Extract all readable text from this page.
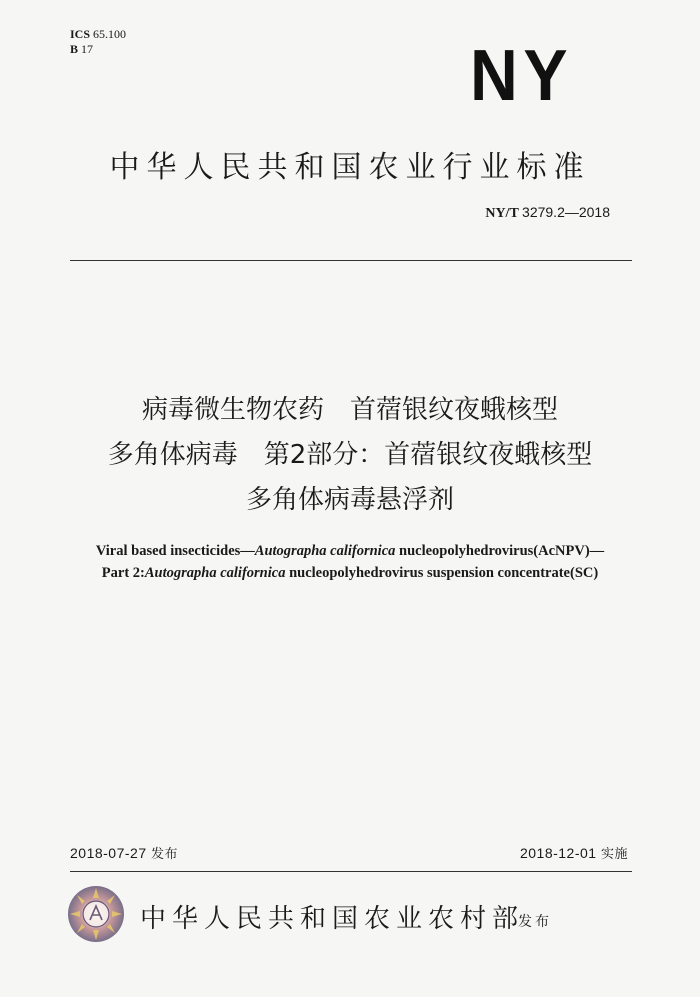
ICS 65.100
B 17	NY
中华人民共和国农业行业标准
NY/T 3279.2—2018
病毒微生物农药　首蓿银纹夜蛾核型
多角体病毒　第2部分：首蓿银纹夜蛾核型
多角体病毒悬浮剂
Viral based insecticides—Autographa californica nucleopolyhedrovirus(AcNPV)—
Part 2:Autographa californica nucleopolyhedrovirus suspension concentrate(SC)
2018-07-27 发布	2018-12-01 实施
中华人民共和国农业农村部
发布
